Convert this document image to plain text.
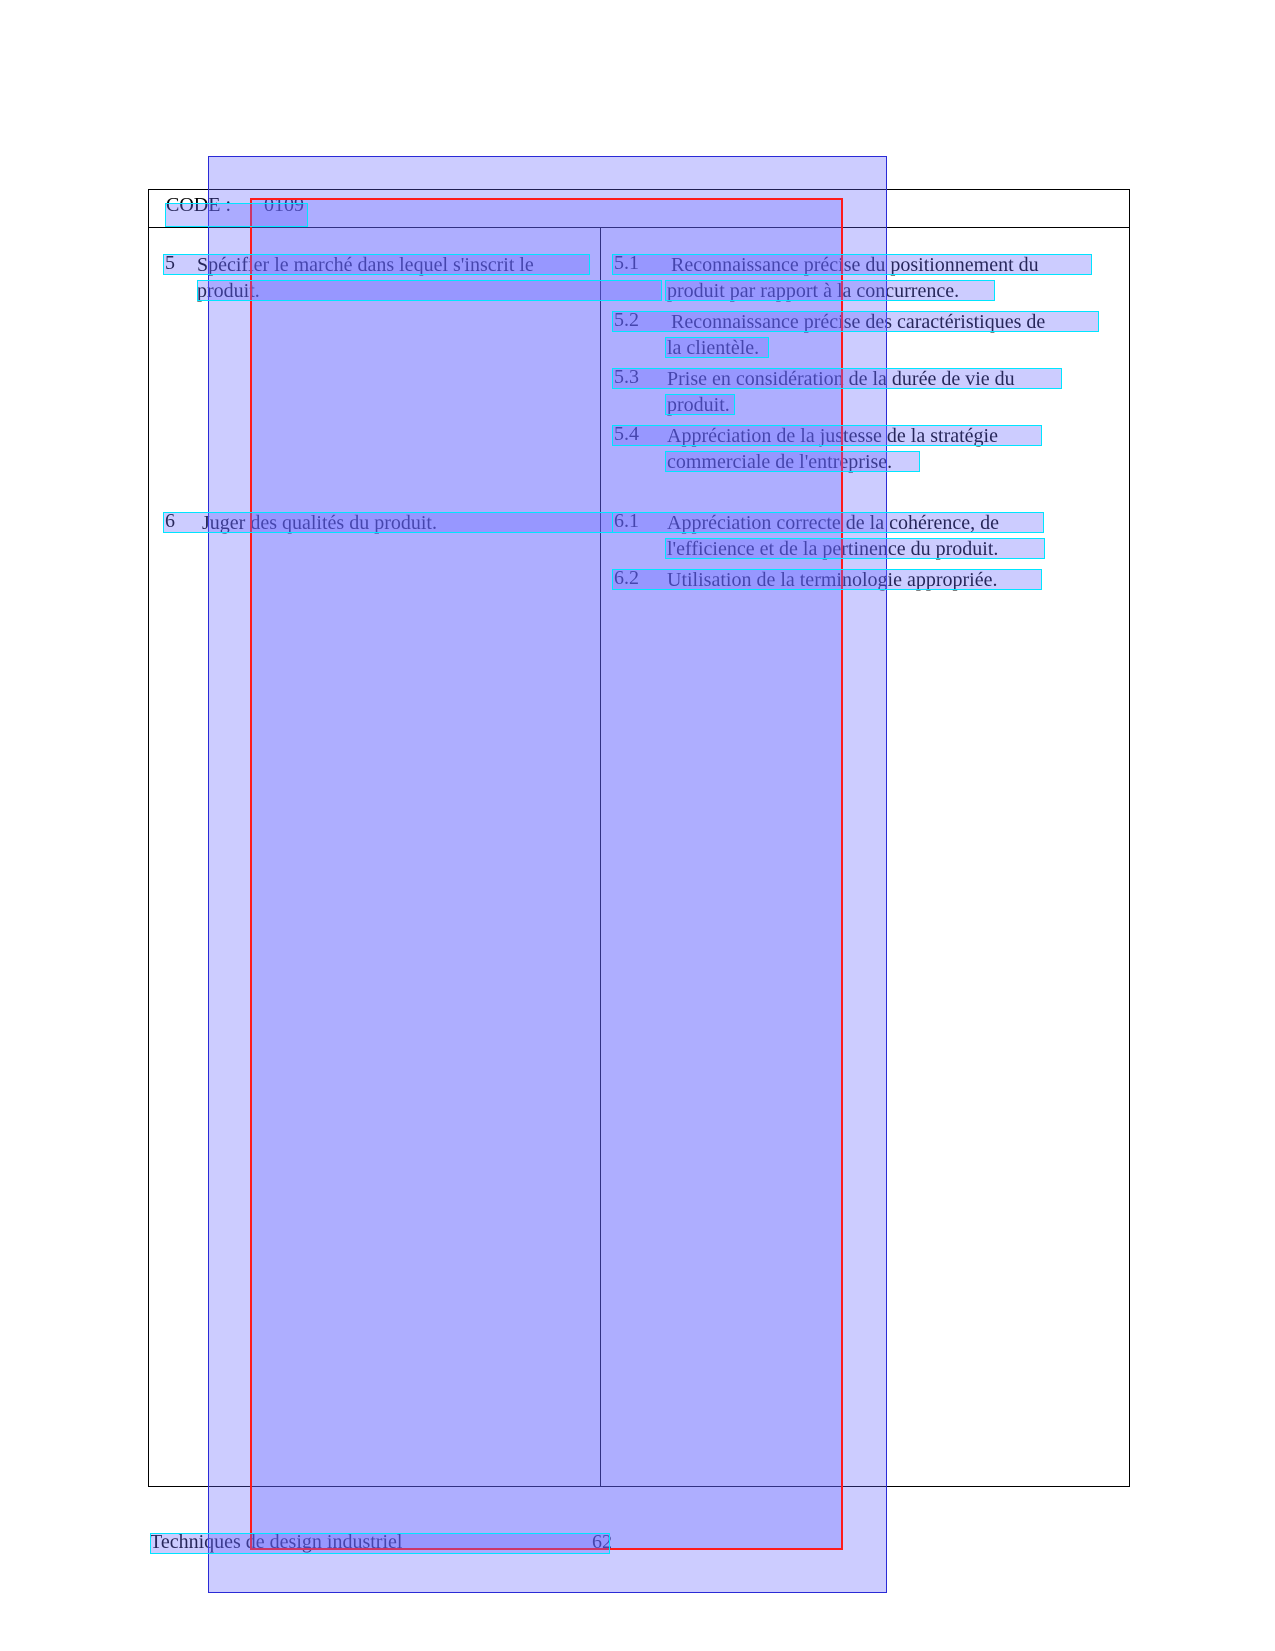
CODE : 0109
5 Spécifier le marché dans lequel s'inscrit le
produit.
5.1 Reconnaissance précise du positionnement du
produit par rapport à la concurrence.
5.2 Reconnaissance précise des caractéristiques de
la clientèle.
5.3 Prise en considération de la durée de vie du
produit.
5.4 Appréciation de la justesse de la stratégie
commerciale de l'entreprise.
6 Juger des qualités du produit.	6.1 Appréciation correcte de la cohérence, de
l'efficience et de la pertinence du produit.
6.2 Utilisation de la terminologie appropriée.
Techniques de design industriel	62
